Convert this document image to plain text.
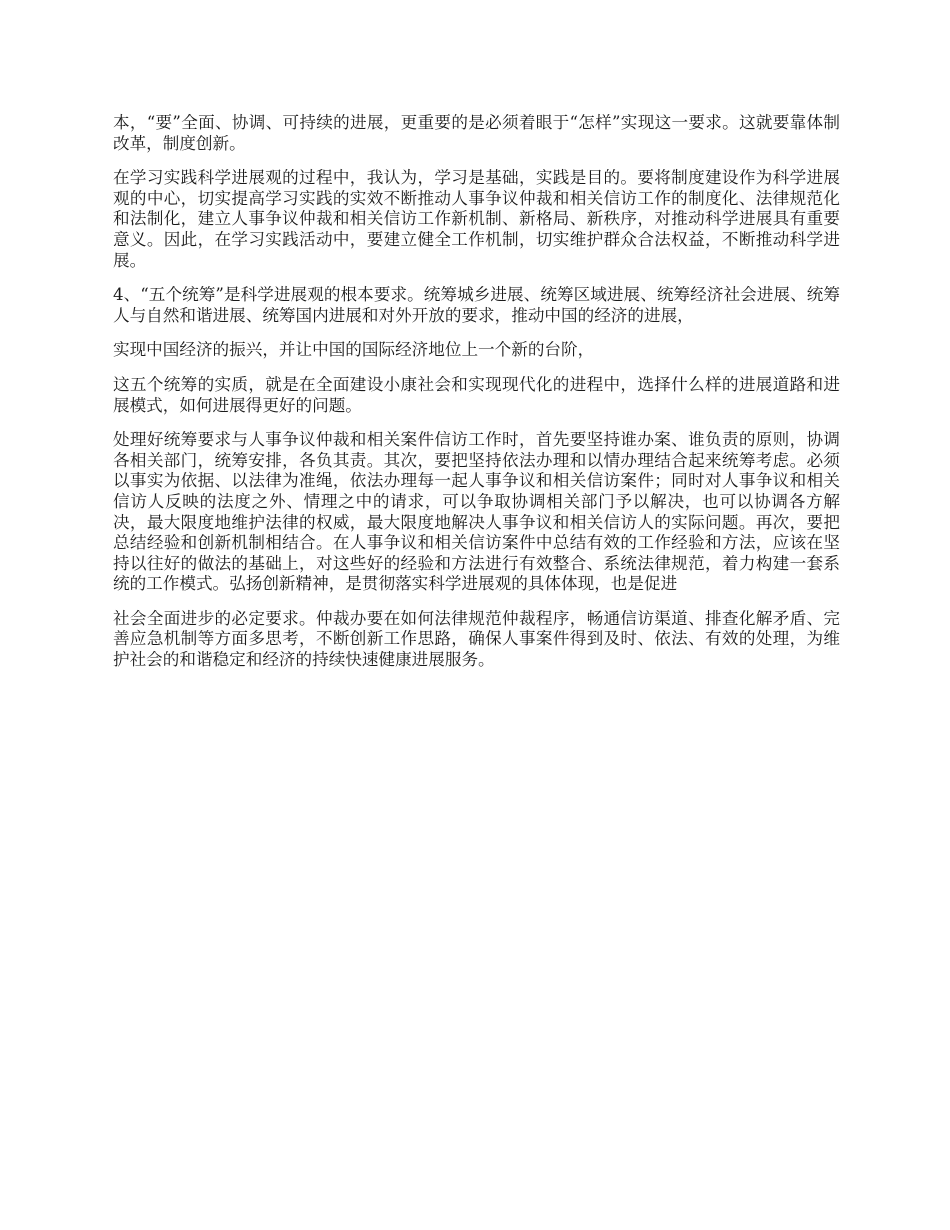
本，“要”全面、协调、可持续的进展，更重要的是必须着眼于“怎样”实现这一要求。这就要靠体制改革，制度创新。

在学习实践科学进展观的过程中，我认为，学习是基础，实践是目的。要将制度建设作为科学进展观的中心，切实提高学习实践的实效不断推动人事争议仲裁和相关信访工作的制度化、法律规范化和法制化，建立人事争议仲裁和相关信访工作新机制、新格局、新秩序，对推动科学进展具有重要意义。因此，在学习实践活动中，要建立健全工作机制，切实维护群众合法权益，不断推动科学进展。

4、“五个统筹”是科学进展观的根本要求。统筹城乡进展、统筹区域进展、统筹经济社会进展、统筹人与自然和谐进展、统筹国内进展和对外开放的要求，推动中国的经济的进展，

实现中国经济的振兴，并让中国的国际经济地位上一个新的台阶，

这五个统筹的实质，就是在全面建设小康社会和实现现代化的进程中，选择什么样的进展道路和进展模式，如何进展得更好的问题。

处理好统筹要求与人事争议仲裁和相关案件信访工作时，首先要坚持谁办案、谁负责的原则，协调各相关部门，统筹安排，各负其责。其次，要把坚持依法办理和以情办理结合起来统筹考虑。必须以事实为依据、以法律为准绳，依法办理每一起人事争议和相关信访案件；同时对人事争议和相关信访人反映的法度之外、情理之中的请求，可以争取协调相关部门予以解决，也可以协调各方解决，最大限度地维护法律的权威，最大限度地解决人事争议和相关信访人的实际问题。再次，要把总结经验和创新机制相结合。在人事争议和相关信访案件中总结有效的工作经验和方法，应该在坚持以往好的做法的基础上，对这些好的经验和方法进行有效整合、系统法律规范，着力构建一套系统的工作模式。弘扬创新精神，是贯彻落实科学进展观的具体体现，也是促进

社会全面进步的必定要求。仲裁办要在如何法律规范仲裁程序，畅通信访渠道、排查化解矛盾、完善应急机制等方面多思考，不断创新工作思路，确保人事案件得到及时、依法、有效的处理，为维护社会的和谐稳定和经济的持续快速健康进展服务。
